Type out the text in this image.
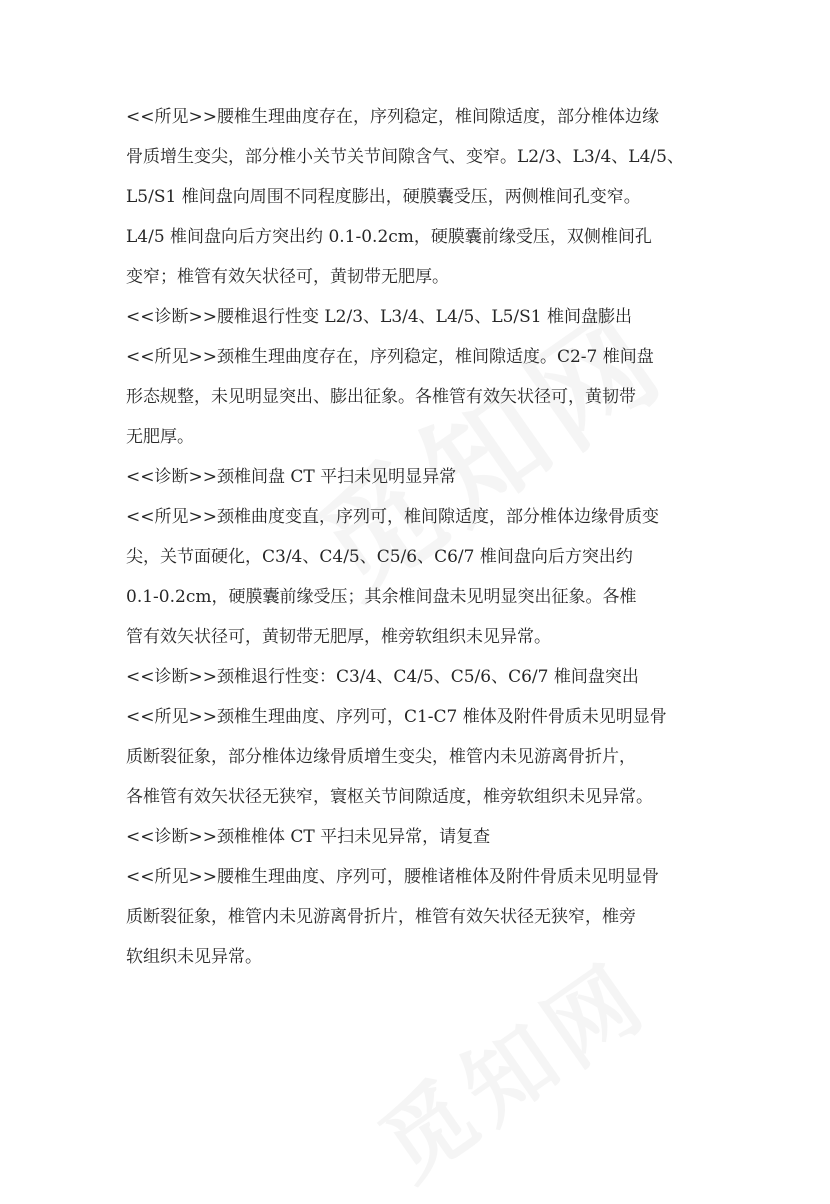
<<所见>>腰椎生理曲度存在，序列稳定，椎间隙适度，部分椎体边缘
骨质增生变尖，部分椎小关节关节间隙含气、变窄。L2/3、L3/4、L4/5、
L5/S1 椎间盘向周围不同程度膨出，硬膜囊受压，两侧椎间孔变窄。
L4/5 椎间盘向后方突出约 0.1-0.2cm，硬膜囊前缘受压，双侧椎间孔
变窄；椎管有效矢状径可，黄韧带无肥厚。
<<诊断>>腰椎退行性变 L2/3、L3/4、L4/5、L5/S1 椎间盘膨出
<<所见>>颈椎生理曲度存在，序列稳定，椎间隙适度。C2-7 椎间盘
形态规整，未见明显突出、膨出征象。各椎管有效矢状径可，黄韧带
无肥厚。
<<诊断>>颈椎间盘 CT 平扫未见明显异常
<<所见>>颈椎曲度变直，序列可，椎间隙适度，部分椎体边缘骨质变
尖，关节面硬化，C3/4、C4/5、C5/6、C6/7 椎间盘向后方突出约
0.1-0.2cm，硬膜囊前缘受压；其余椎间盘未见明显突出征象。各椎
管有效矢状径可，黄韧带无肥厚，椎旁软组织未见异常。
<<诊断>>颈椎退行性变：C3/4、C4/5、C5/6、C6/7 椎间盘突出
<<所见>>颈椎生理曲度、序列可，C1-C7 椎体及附件骨质未见明显骨
质断裂征象，部分椎体边缘骨质增生变尖，椎管内未见游离骨折片，
各椎管有效矢状径无狭窄，寰枢关节间隙适度，椎旁软组织未见异常。
<<诊断>>颈椎椎体 CT 平扫未见异常，请复查
<<所见>>腰椎生理曲度、序列可，腰椎诸椎体及附件骨质未见明显骨
质断裂征象，椎管内未见游离骨折片，椎管有效矢状径无狭窄，椎旁
软组织未见异常。
